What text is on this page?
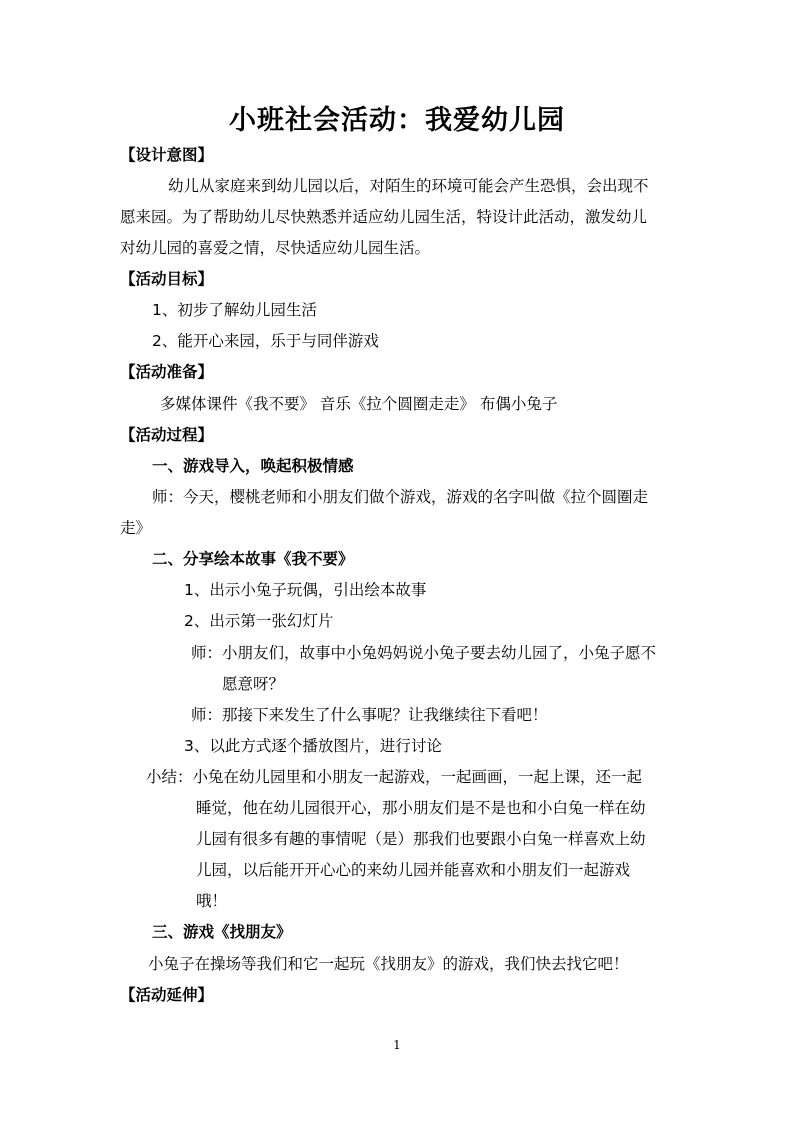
小班社会活动：我爱幼儿园
【设计意图】
幼儿从家庭来到幼儿园以后，对陌生的环境可能会产生恐惧，会出现不
愿来园。为了帮助幼儿尽快熟悉并适应幼儿园生活，特设计此活动，激发幼儿
对幼儿园的喜爱之情，尽快适应幼儿园生活。
【活动目标】
1、初步了解幼儿园生活
2、能开心来园，乐于与同伴游戏
【活动准备】
多媒体课件《我不要》 音乐《拉个圆圈走走》 布偶小兔子
【活动过程】
一、游戏导入，唤起积极情感
师：今天，樱桃老师和小朋友们做个游戏，游戏的名字叫做《拉个圆圈走
走》
二、分享绘本故事《我不要》
1、出示小兔子玩偶，引出绘本故事
2、出示第一张幻灯片
师：小朋友们，故事中小兔妈妈说小兔子要去幼儿园了，小兔子愿不
愿意呀？
师：那接下来发生了什么事呢？让我继续往下看吧！
3、以此方式逐个播放图片，进行讨论
小结：小兔在幼儿园里和小朋友一起游戏，一起画画，一起上课，还一起
睡觉，他在幼儿园很开心，那小朋友们是不是也和小白兔一样在幼
儿园有很多有趣的事情呢（是）那我们也要跟小白兔一样喜欢上幼
儿园，以后能开开心心的来幼儿园并能喜欢和小朋友们一起游戏
哦！
三、游戏《找朋友》
小兔子在操场等我们和它一起玩《找朋友》的游戏，我们快去找它吧！
【活动延伸】
1
